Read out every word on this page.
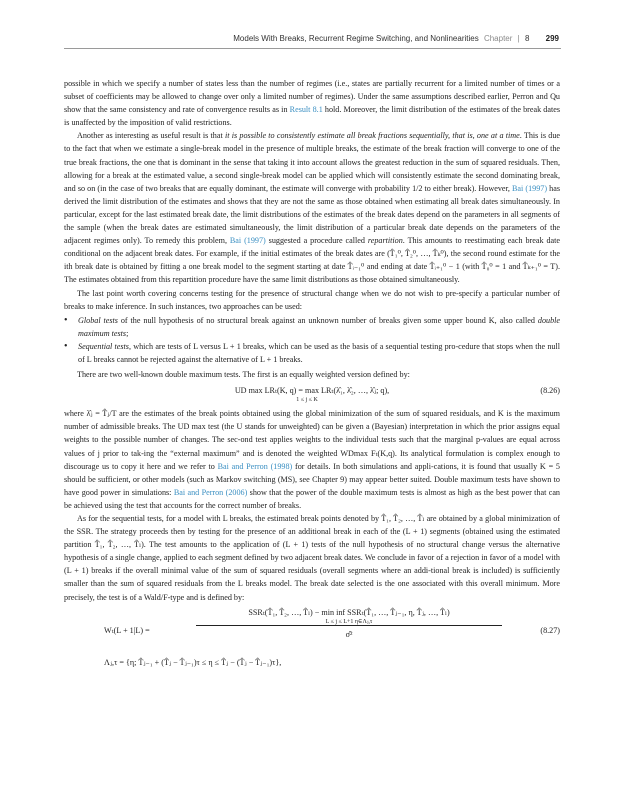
Models With Breaks, Recurrent Regime Switching, and Nonlinearities Chapter | 8 299

possible in which we specify a number of states less than the number of regimes (i.e., states are partially recurrent for a limited number of times or a subset of coefficients may be allowed to change over only a limited number of regimes). Under the same assumptions described earlier, Perron and Qu show that the same consistency and rate of convergence results as in Result 8.1 hold. Moreover, the limit distribution of the estimates of the break dates is unaffected by the imposition of valid restrictions.

Another as interesting as useful result is that it is possible to consistently estimate all break fractions sequentially, that is, one at a time. This is due to the fact that when we estimate a single-break model in the presence of multiple breaks, the estimate of the break fraction will converge to one of the true break fractions, the one that is dominant in the sense that taking it into account allows the greatest reduction in the sum of squared residuals. Then, allowing for a break at the estimated value, a second single-break model can be applied which will consistently estimate the second dominating break, and so on (in the case of two breaks that are equally dominant, the estimate will converge with probability 1/2 to either break). However, Bai (1997) has derived the limit distribution of the estimates and shows that they are not the same as those obtained when estimating all break dates simultaneously. In particular, except for the last estimated break date, the limit distributions of the estimates of the break dates depend on the parameters in all segments of the sample (when the break dates are estimated simultaneously, the limit distribution of a particular break date depends on the parameters of the adjacent regimes only). To remedy this problem, Bai (1997) suggested a procedure called repartition. This amounts to reestimating each break date conditional on the adjacent break dates. For example, if the initial estimates of the break dates are (T̂₁⁰, T̂₂⁰, …, T̂ₖ⁰), the second round estimate for the ith break date is obtained by fitting a one break model to the segment starting at date T̂ᵢ₋₁⁰ and ending at date T̂ᵢ₊₁⁰ − 1 (with T̂₀⁰ = 1 and T̂ₖ₊₁⁰ = T). The estimates obtained from this repartition procedure have the same limit distributions as those obtained simultaneously.

The last point worth covering concerns testing for the presence of structural change when we do not wish to pre-specify a particular number of breaks to make inference. In such instances, two approaches can be used:

• Global tests of the null hypothesis of no structural break against an unknown number of breaks given some upper bound K, also called double maximum tests;
• Sequential tests, which are tests of L versus L + 1 breaks, which can be used as the basis of a sequential testing pro-cedure that stops when the null of L breaks cannot be rejected against the alternative of L + 1 breaks.

There are two well-known double maximum tests. The first is an equally weighted version defined by:

UD max LRₜ(K, q) = max LRₜ(λ̂₁, λ̂₂, …, λ̂ⱼ; q),
1 ≤ j ≤ K
(8.26)

where λ̂ⱼ = T̂ⱼ/T are the estimates of the break points obtained using the global minimization of the sum of squared residuals, and K is the maximum number of admissible breaks. The UD max test (the U stands for unweighted) can be given a (Bayesian) interpretation in which the prior assigns equal weights to the possible number of changes. The sec-ond test applies weights to the individual tests such that the marginal p-values are equal across values of j prior to tak-ing the “external maximum” and is denoted the weighted WDmax Fₜ(K,q). Its analytical formulation is complex enough to discourage us to copy it here and we refer to Bai and Perron (1998) for details. In both simulations and appli-cations, it is found that usually K = 5 should be sufficient, or other models (such as Markov switching (MS), see Chapter 9) may appear better suited. Double maximum tests have shown to have good power in simulations: Bai and Perron (2006) show that the power of the double maximum tests is almost as high as the best power that can be achieved using the test that accounts for the correct number of breaks.

As for the sequential tests, for a model with L breaks, the estimated break points denoted by T̂₁, T̂₂, …, T̂ₗ are obtained by a global minimization of the SSR. The strategy proceeds then by testing for the presence of an additional break in each of the (L + 1) segments (obtained using the estimated partition T̂₁, T̂₂, …, T̂ₗ). The test amounts to the application of (L + 1) tests of the null hypothesis of no structural change versus the alternative hypothesis of a single change, applied to each segment defined by two adjacent break dates. We conclude in favor of a rejection in favor of a model with (L + 1) breaks if the overall minimal value of the sum of squared residuals (overall segments where an addi-tional break is included) is sufficiently smaller than the sum of squared residuals from the L breaks model. The break date selected is the one associated with this overall minimum. More precisely, the test is of a Wald/F-type and is defined by:

Wₜ(L + 1|L) =
SSRₜ(T̂₁, T̂₂, …, T̂ₗ) − min inf SSRₜ(T̂₁, …, T̂ⱼ₋₁, η, T̂ⱼ, …, T̂ₗ)
L ≤ j ≤ L+1 η∈Λⱼ,τ
σ̂²	(8.27)
Λⱼ,τ = {η; T̂ⱼ₋₁ + (T̂ⱼ − T̂ⱼ₋₁)τ ≤ η ≤ T̂ⱼ − (T̂ⱼ − T̂ⱼ₋₁)τ},
